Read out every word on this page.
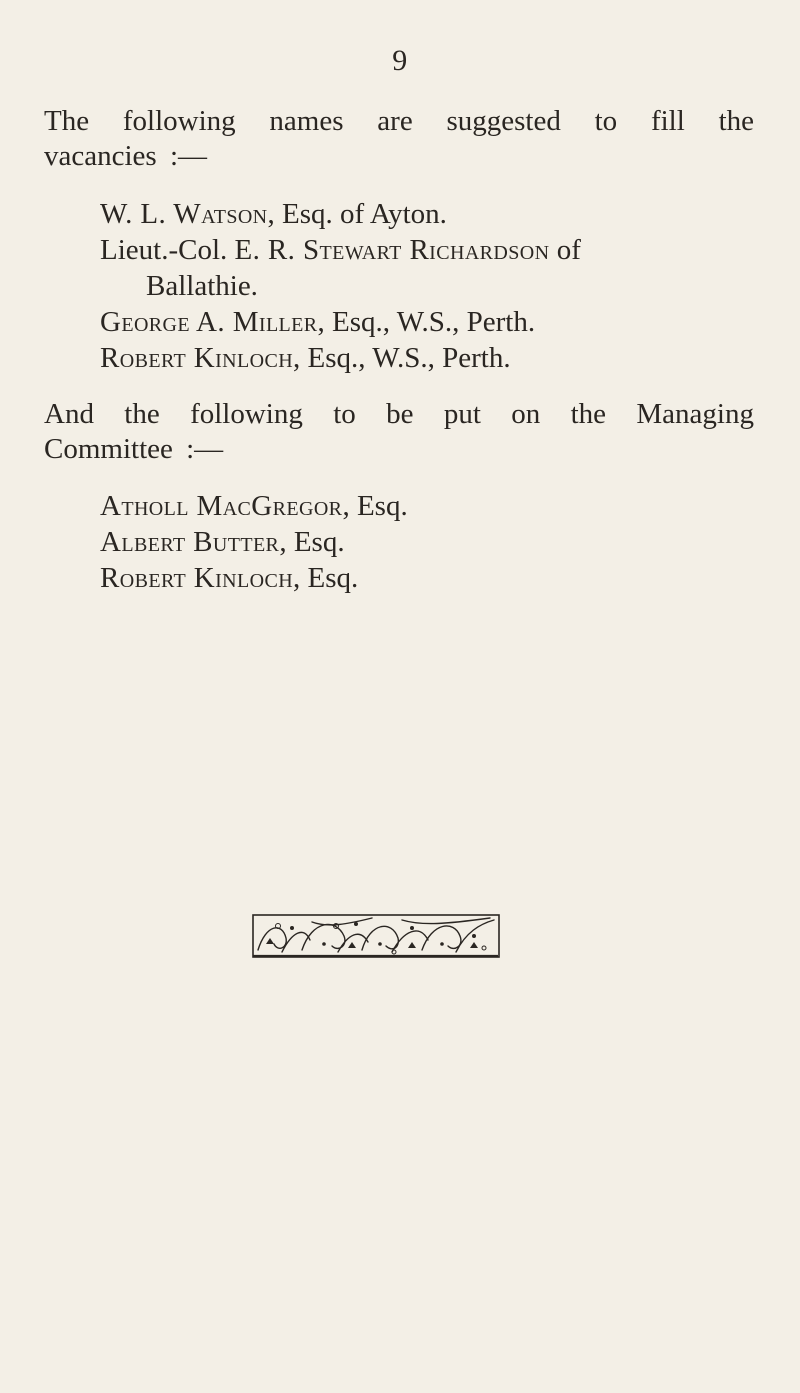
9

The following names are suggested to fill the
vacancies :—

W. L. Watson, Esq. of Ayton.
Lieut.-Col. E. R. Stewart Richardson of
Ballathie.
George A. Miller, Esq., W.S., Perth.
Robert Kinloch, Esq., W.S., Perth.

And the following to be put on the Managing
Committee :—

Atholl MacGregor, Esq.
Albert Butter, Esq.
Robert Kinloch, Esq.
